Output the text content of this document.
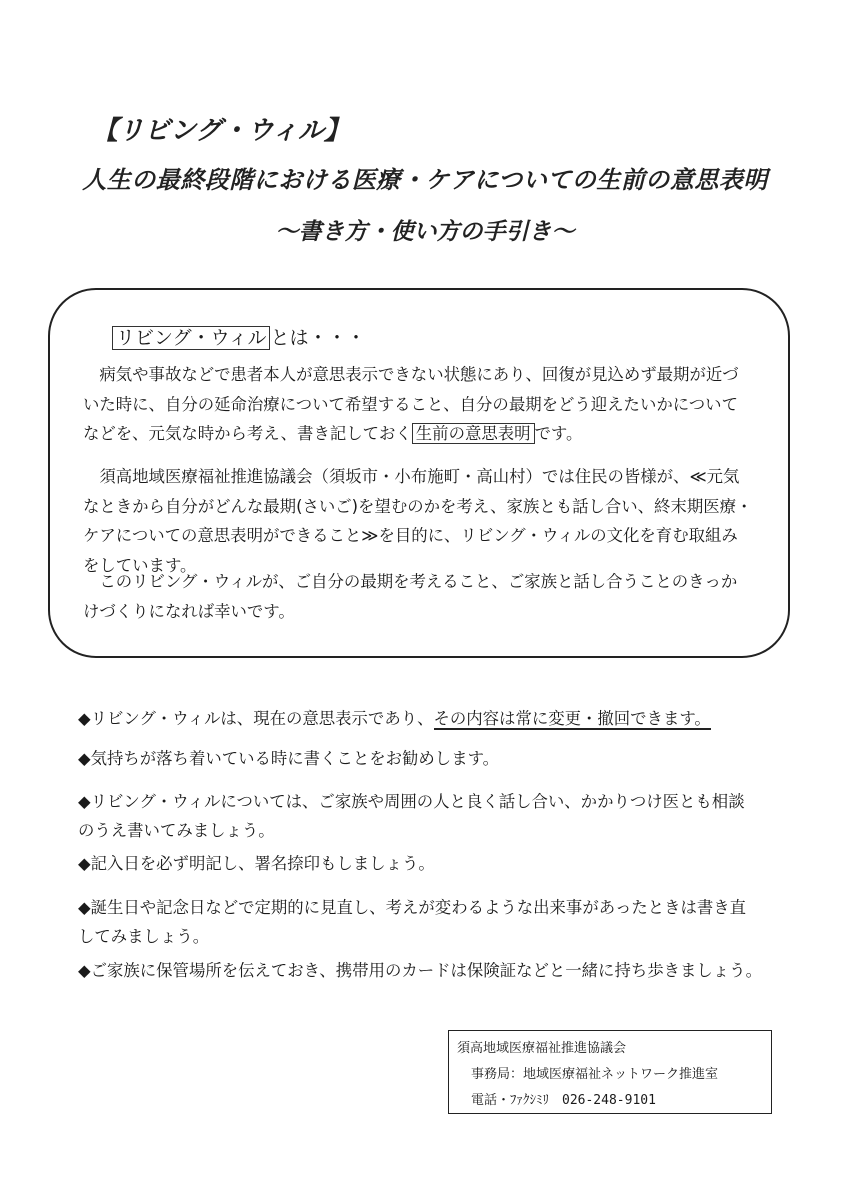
【リビング・ウィル】
人生の最終段階における医療・ケアについての生前の意思表明
～書き方・使い方の手引き～
リビング・ウィル とは・・・
　病気や事故などで患者本人が意思表示できない状態にあり、回復が見込めず最期が近づ
いた時に、自分の延命治療について希望すること、自分の最期をどう迎えたいかについて
などを、元気な時から考え、書き記しておく 生前の意思表明 です。
　須高地域医療福祉推進協議会（須坂市・小布施町・高山村）では住民の皆様が、≪元気
なときから自分がどんな最期(さいご)を望むのかを考え、家族とも話し合い、終末期医療・
ケアについての意思表明ができること≫を目的に、リビング・ウィルの文化を育む取組み
をしています。
　このリビング・ウィルが、ご自分の最期を考えること、ご家族と話し合うことのきっか
けづくりになれば幸いです。
◆リビング・ウィルは、現在の意思表示であり、その内容は常に変更・撤回できます。
◆気持ちが落ち着いている時に書くことをお勧めします。
◆リビング・ウィルについては、ご家族や周囲の人と良く話し合い、かかりつけ医とも相談
のうえ書いてみましょう。
◆記入日を必ず明記し、署名捺印もしましょう。
◆誕生日や記念日などで定期的に見直し、考えが変わるような出来事があったときは書き直
してみましょう。
◆ご家族に保管場所を伝えておき、携帯用のカードは保険証などと一緒に持ち歩きましょう。
須高地域医療福祉推進協議会
事務局：地域医療福祉ネットワーク推進室
電話・ﾌｧｸｼﾐﾘ　026-248-9101
